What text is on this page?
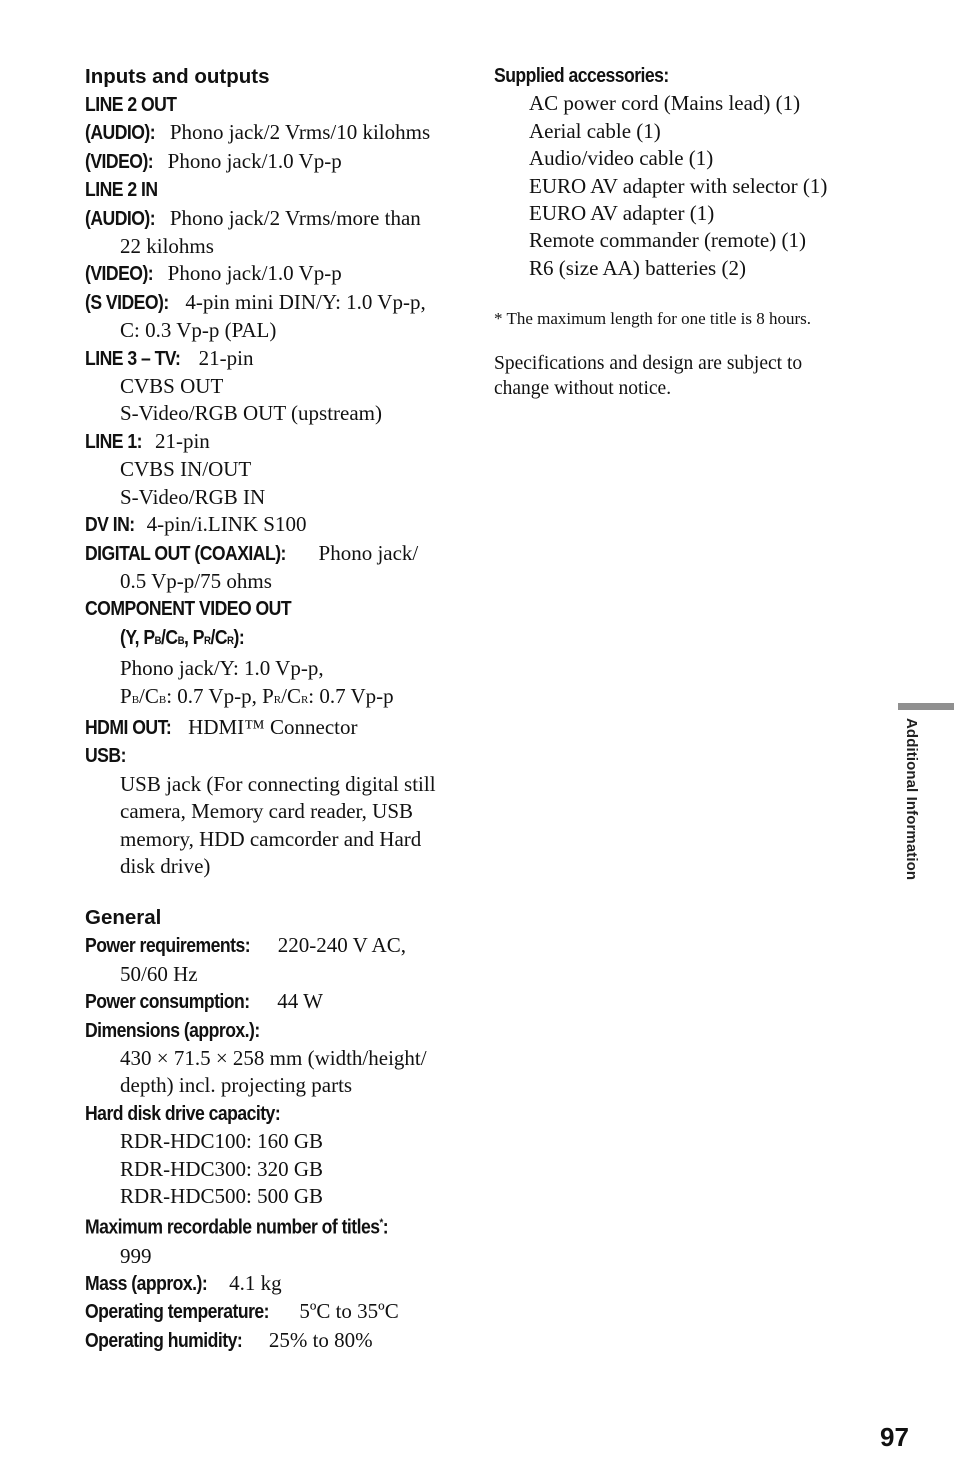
Inputs and outputs
LINE 2 OUT
(AUDIO): Phono jack/2 Vrms/10 kilohms
(VIDEO): Phono jack/1.0 Vp-p
LINE 2 IN
(AUDIO): Phono jack/2 Vrms/more than
22 kilohms
(VIDEO): Phono jack/1.0 Vp-p
(S VIDEO): 4-pin mini DIN/Y: 1.0 Vp-p,
C: 0.3 Vp-p (PAL)
LINE 3 – TV: 21-pin
CVBS OUT
S-Video/RGB OUT (upstream)
LINE 1: 21-pin
CVBS IN/OUT
S-Video/RGB IN
DV IN: 4-pin/i.LINK S100
DIGITAL OUT (COAXIAL): Phono jack/
0.5 Vp-p/75 ohms
COMPONENT VIDEO OUT
(Y, PB/CB, PR/CR):
Phono jack/Y: 1.0 Vp-p,
PB/CB: 0.7 Vp-p, PR/CR: 0.7 Vp-p
HDMI OUT: HDMI™ Connector
USB:
USB jack (For connecting digital still
camera, Memory card reader, USB
memory, HDD camcorder and Hard
disk drive)
General
Power requirements: 220-240 V AC,
50/60 Hz
Power consumption: 44 W
Dimensions (approx.):
430 × 71.5 × 258 mm (width/height/
depth) incl. projecting parts
Hard disk drive capacity:
RDR-HDC100: 160 GB
RDR-HDC300: 320 GB
RDR-HDC500: 500 GB
Maximum recordable number of titles*:
999
Mass (approx.): 4.1 kg
Operating temperature: 5ºC to 35ºC
Operating humidity: 25% to 80%
Supplied accessories:
AC power cord (Mains lead) (1)
Aerial cable (1)
Audio/video cable (1)
EURO AV adapter with selector (1)
EURO AV adapter (1)
Remote commander (remote) (1)
R6 (size AA) batteries (2)
* The maximum length for one title is 8 hours.
Specifications and design are subject to
change without notice.
Additional Information
97
